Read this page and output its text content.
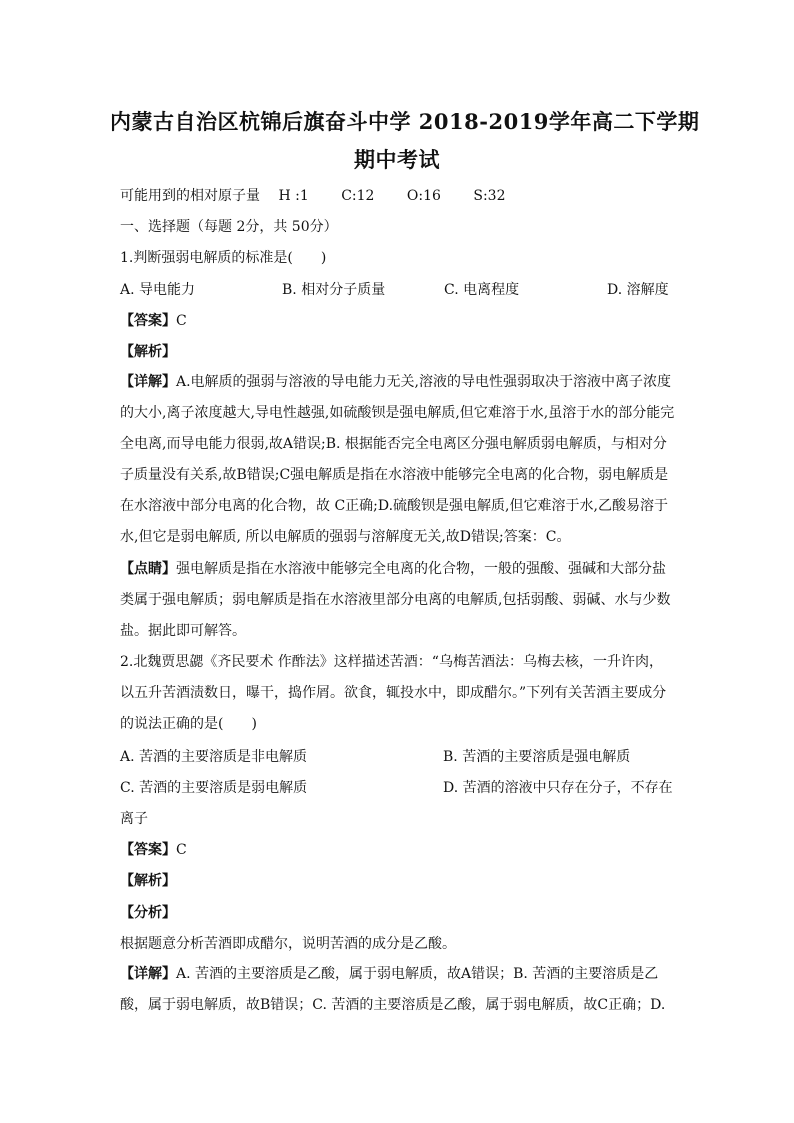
内蒙古自治区杭锦后旗奋斗中学 2018-2019学年高二下学期
期中考试
可能用到的相对原子量 H :1 C:12 O:16 S:32
一、选择题（每题 2分，共 50分）
1.判断强弱电解质的标准是(　　)
A. 导电能力	B. 相对分子质量	C. 电离程度	D. 溶解度
【答案】C
【解析】
【详解】A.电解质的强弱与溶液的导电能力无关,溶液的导电性强弱取决于溶液中离子浓度的大小,离子浓度越大,导电性越强,如硫酸钡是强电解质,但它难溶于水,虽溶于水的部分能完全电离,而导电能力很弱,故A错误;B. 根据能否完全电离区分强电解质弱电解质，与相对分子质量没有关系,故B错误;C强电解质是指在水溶液中能够完全电离的化合物，弱电解质是在水溶液中部分电离的化合物，故 C正确;D.硫酸钡是强电解质,但它难溶于水,乙酸易溶于水,但它是弱电解质, 所以电解质的强弱与溶解度无关,故D错误;答案：C。
【点睛】强电解质是指在水溶液中能够完全电离的化合物，一般的强酸、强碱和大部分盐类属于强电解质；弱电解质是指在水溶液里部分电离的电解质,包括弱酸、弱碱、水与少数盐。据此即可解答。
2.北魏贾思勰《齐民要术 作酢法》这样描述苦酒：“乌梅苦酒法：乌梅去核，一升许肉，以五升苦酒渍数日，曝干，捣作屑。欲食，辄投水中，即成醋尔。”下列有关苦酒主要成分的说法正确的是(　　)
A. 苦酒的主要溶质是非电解质	B. 苦酒的主要溶质是强电解质
C. 苦酒的主要溶质是弱电解质	D. 苦酒的溶液中只存在分子，不存在
离子
【答案】C
【解析】
【分析】
根据题意分析苦酒即成醋尔，说明苦酒的成分是乙酸。
【详解】A. 苦酒的主要溶质是乙酸，属于弱电解质，故A错误；B. 苦酒的主要溶质是乙酸，属于弱电解质，故B错误；C. 苦酒的主要溶质是乙酸，属于弱电解质，故C正确；D.
